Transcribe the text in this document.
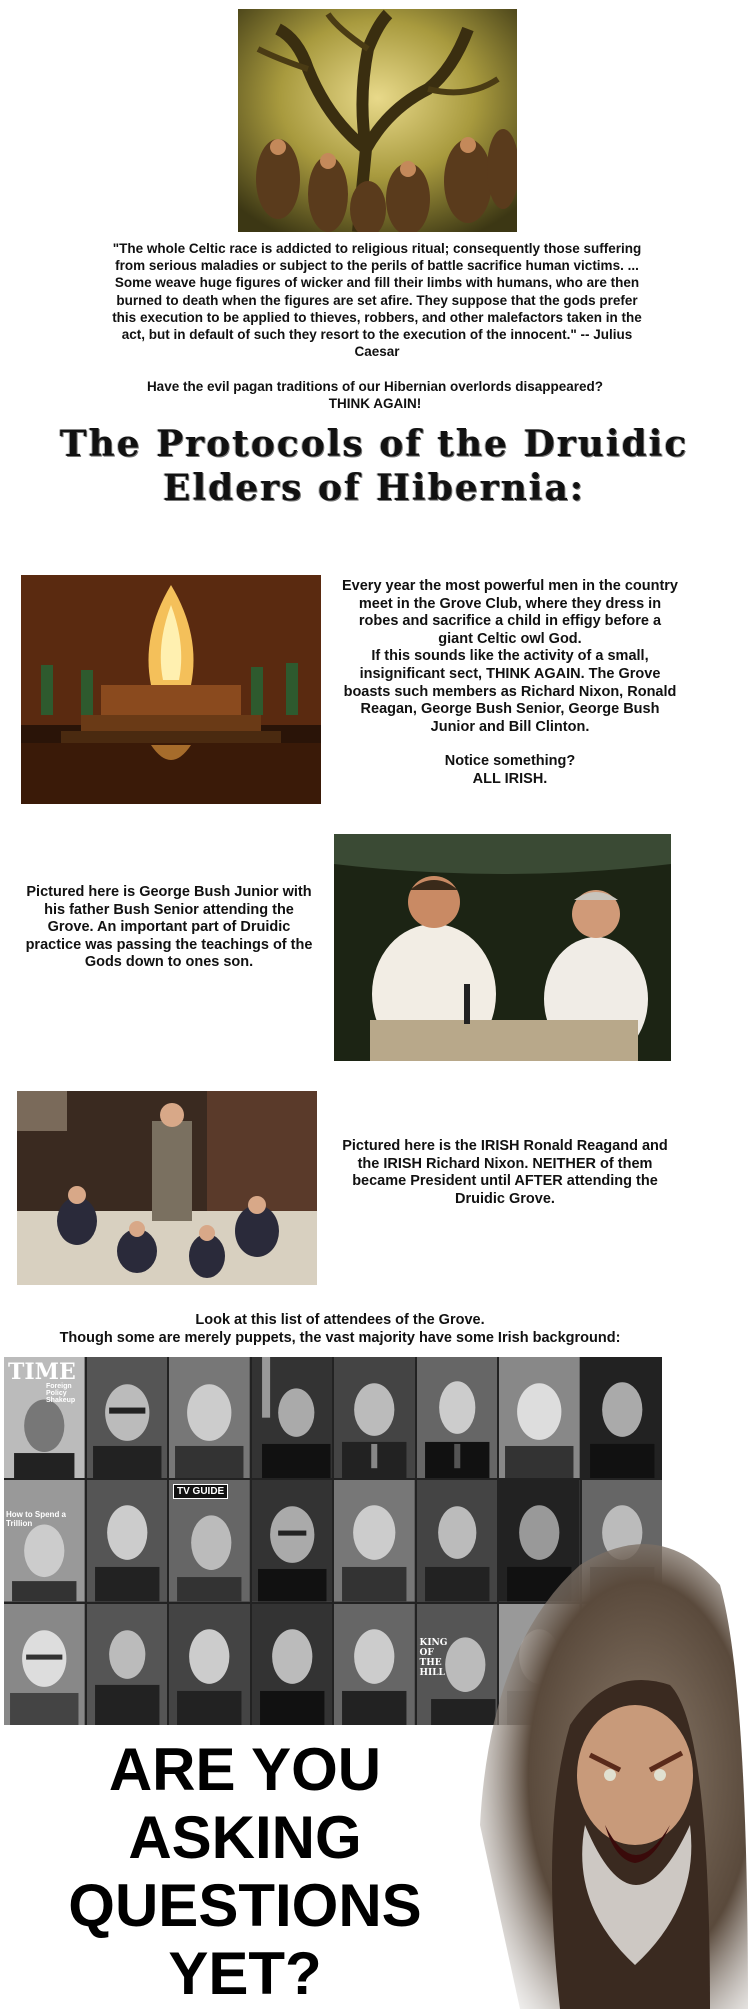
"The whole Celtic race is addicted to religious ritual; consequently those suffering from serious maladies or subject to the perils of battle sacrifice human victims. ... Some weave huge figures of wicker and fill their limbs with humans, who are then burned to death when the figures are set afire. They suppose that the gods prefer this execution to be applied to thieves, robbers, and other malefactors taken in the act, but in default of such they resort to the execution of the innocent." -- Julius Caesar
Have the evil pagan traditions of our Hibernian overlords disappeared?
THINK AGAIN!
The Protocols of the Druidic
Elders of Hibernia:
Every year the most powerful men in the country meet in the Grove Club, where they dress in robes and sacrifice a child in effigy before a giant Celtic owl God.
If this sounds like the activity of a small, insignificant sect, THINK AGAIN. The Grove boasts such members as Richard Nixon, Ronald Reagan, George Bush Senior, George Bush Junior and Bill Clinton.
Notice something?
ALL IRISH.
Pictured here is George Bush Junior with his father Bush Senior attending the Grove. An important part of Druidic practice was passing the teachings of the Gods down to ones son.
Pictured here is the IRISH Ronald Reagand and the IRISH Richard Nixon. NEITHER of them became President until AFTER attending the Druidic Grove.
Look at this list of attendees of the Grove.
Though some are merely puppets, the vast majority have some Irish background:
TIME
Foreign Policy Shakeup
How to Spend a Trillion
TV GUIDE
KING OF THE HILL
ARE YOU
ASKING
QUESTIONS
YET?
